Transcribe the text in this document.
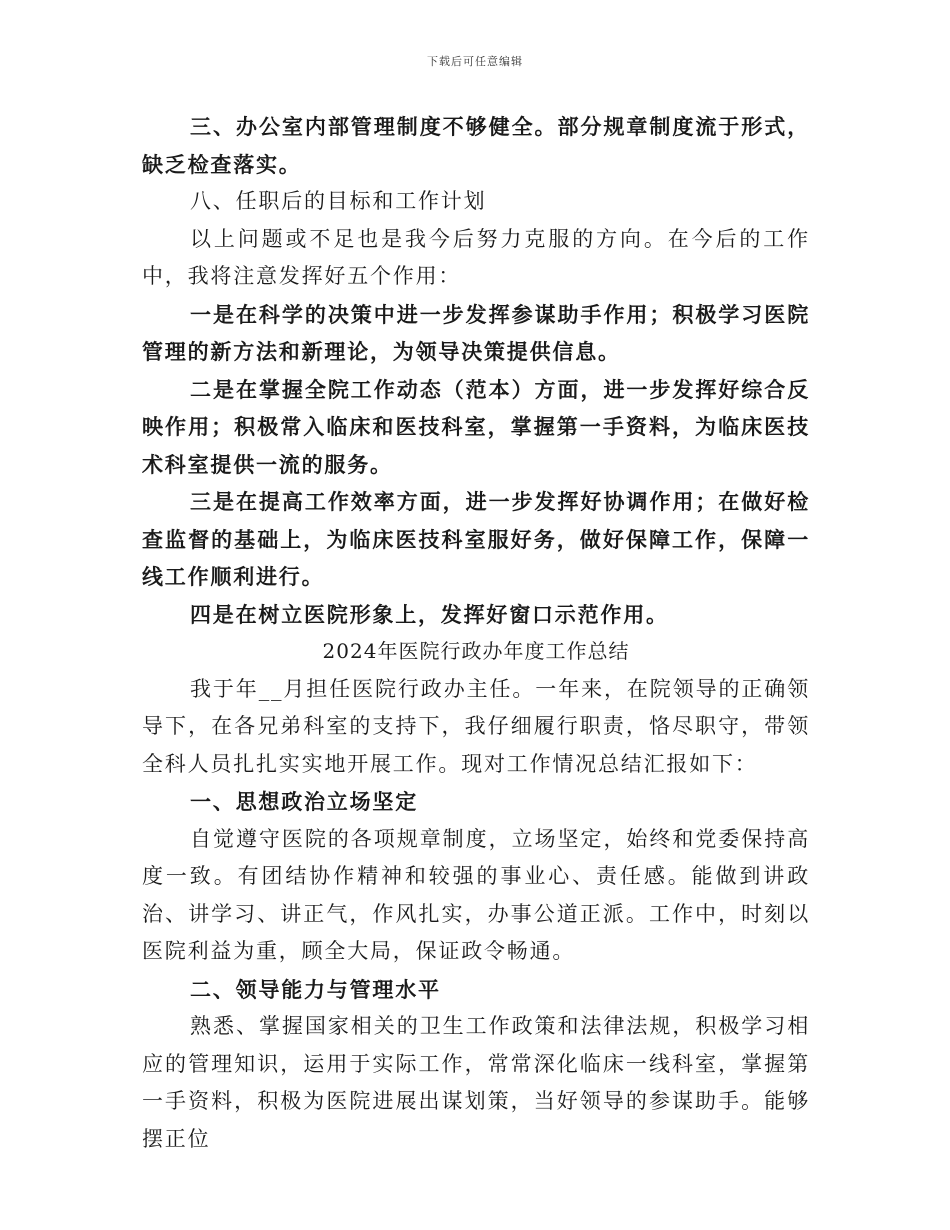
下载后可任意编辑

三、办公室内部管理制度不够健全。部分规章制度流于形式，缺乏检查落实。

八、任职后的目标和工作计划

以上问题或不足也是我今后努力克服的方向。在今后的工作中，我将注意发挥好五个作用：

一是在科学的决策中进一步发挥参谋助手作用；积极学习医院管理的新方法和新理论，为领导决策提供信息。

二是在掌握全院工作动态（范本）方面，进一步发挥好综合反映作用；积极常入临床和医技科室，掌握第一手资料，为临床医技术科室提供一流的服务。

三是在提高工作效率方面，进一步发挥好协调作用；在做好检查监督的基础上，为临床医技科室服好务，做好保障工作，保障一线工作顺利进行。

四是在树立医院形象上，发挥好窗口示范作用。

2024年医院行政办年度工作总结

我于年__月担任医院行政办主任。一年来，在院领导的正确领导下，在各兄弟科室的支持下，我仔细履行职责，恪尽职守，带领全科人员扎扎实实地开展工作。现对工作情况总结汇报如下：

一、思想政治立场坚定

自觉遵守医院的各项规章制度，立场坚定，始终和党委保持高度一致。有团结协作精神和较强的事业心、责任感。能做到讲政治、讲学习、讲正气，作风扎实，办事公道正派。工作中，时刻以医院利益为重，顾全大局，保证政令畅通。

二、领导能力与管理水平

熟悉、掌握国家相关的卫生工作政策和法律法规，积极学习相应的管理知识，运用于实际工作，常常深化临床一线科室，掌握第一手资料，积极为医院进展出谋划策，当好领导的参谋助手。能够摆正位
